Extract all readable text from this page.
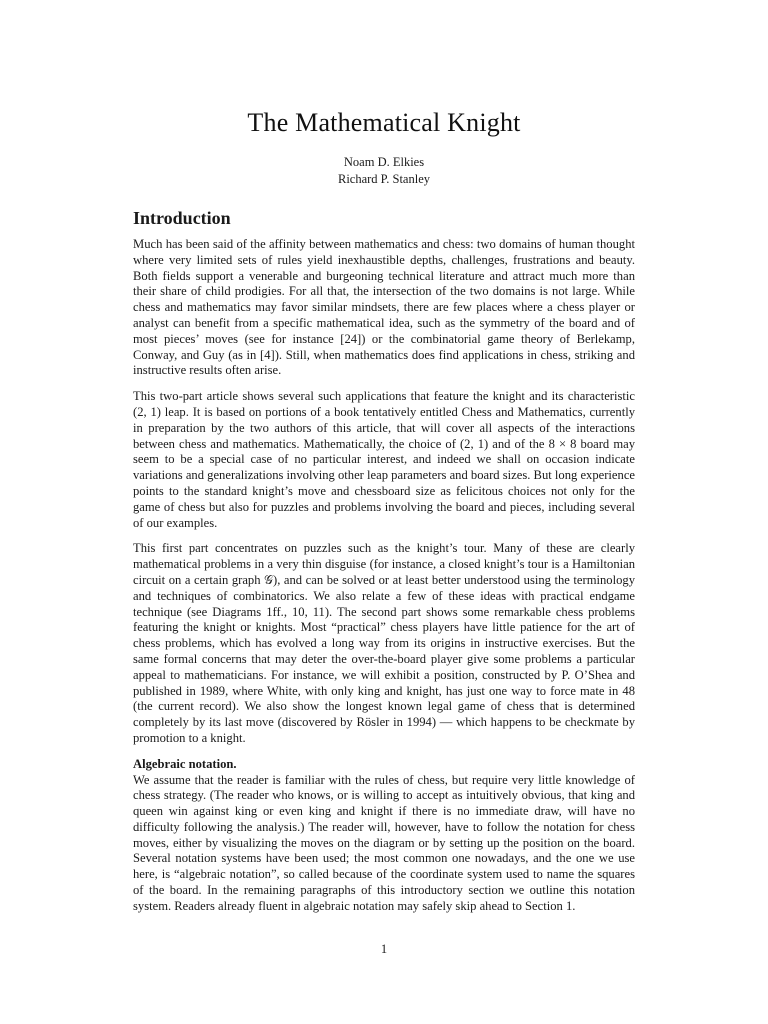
The Mathematical Knight
Noam D. Elkies
Richard P. Stanley
Introduction

Much has been said of the affinity between mathematics and chess: two domains of human thought where very limited sets of rules yield inexhaustible depths, challenges, frustrations and beauty. Both fields support a venerable and burgeoning technical literature and attract much more than their share of child prodigies. For all that, the intersection of the two domains is not large. While chess and mathematics may favor similar mindsets, there are few places where a chess player or analyst can benefit from a specific mathematical idea, such as the symmetry of the board and of most pieces’ moves (see for instance [24]) or the combinatorial game theory of Berlekamp, Conway, and Guy (as in [4]). Still, when mathematics does find applications in chess, striking and instructive results often arise.

This two-part article shows several such applications that feature the knight and its characteristic (2, 1) leap. It is based on portions of a book tentatively entitled Chess and Mathematics, currently in preparation by the two authors of this article, that will cover all aspects of the interactions between chess and mathematics. Mathematically, the choice of (2, 1) and of the 8 × 8 board may seem to be a special case of no particular interest, and indeed we shall on occasion indicate variations and generalizations involving other leap parameters and board sizes. But long experience points to the standard knight’s move and chessboard size as felicitous choices not only for the game of chess but also for puzzles and problems involving the board and pieces, including several of our examples.

This first part concentrates on puzzles such as the knight’s tour. Many of these are clearly mathematical problems in a very thin disguise (for instance, a closed knight’s tour is a Hamiltonian circuit on a certain graph 𝒢), and can be solved or at least better understood using the terminology and techniques of combinatorics. We also relate a few of these ideas with practical endgame technique (see Diagrams 1ff., 10, 11). The second part shows some remarkable chess problems featuring the knight or knights. Most “practical” chess players have little patience for the art of chess problems, which has evolved a long way from its origins in instructive exercises. But the same formal concerns that may deter the over-the-board player give some problems a particular appeal to mathematicians. For instance, we will exhibit a position, constructed by P. O’Shea and published in 1989, where White, with only king and knight, has just one way to force mate in 48 (the current record). We also show the longest known legal game of chess that is determined completely by its last move (discovered by Rösler in 1994) — which happens to be checkmate by promotion to a knight.

Algebraic notation.
We assume that the reader is familiar with the rules of chess, but require very little knowledge of chess strategy. (The reader who knows, or is willing to accept as intuitively obvious, that king and queen win against king or even king and knight if there is no immediate draw, will have no difficulty following the analysis.) The reader will, however, have to follow the notation for chess moves, either by visualizing the moves on the diagram or by setting up the position on the board. Several notation systems have been used; the most common one nowadays, and the one we use here, is “algebraic notation”, so called because of the coordinate system used to name the squares of the board. In the remaining paragraphs of this introductory section we outline this notation system. Readers already fluent in algebraic notation may safely skip ahead to Section 1.
1
